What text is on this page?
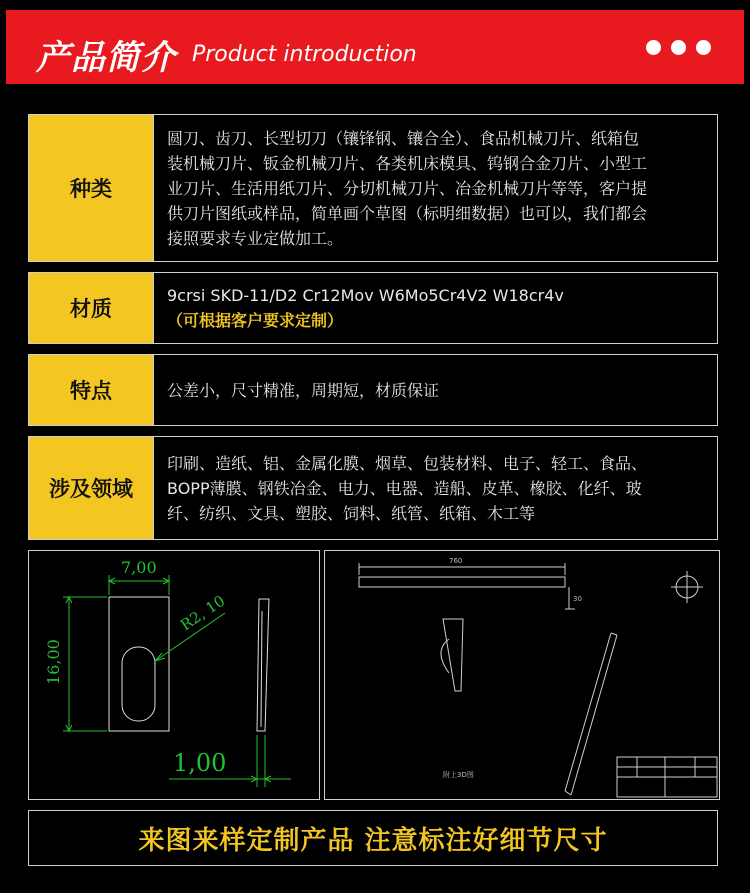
产品简介 Product introduction
种类
圆刀、齿刀、长型切刀（镶锋钢、镶合全）、食品机械刀片、纸箱包
装机械刀片、钣金机械刀片、各类机床模具、钨钢合金刀片、小型工
业刀片、生活用纸刀片、分切机械刀片、冶金机械刀片等等，客户提
供刀片图纸或样品，简单画个草图（标明细数据）也可以，我们都会
接照要求专业定做加工。
材质
9crsi SKD-11/D2 Cr12Mov W6Mo5Cr4V2 W18cr4v
（可根据客户要求定制）
特点	公差小，尺寸精准，周期短，材质保证
涉及领域
印刷、造纸、铝、金属化膜、烟草、包装材料、电子、轻工、食品、
BOPP薄膜、钢铁冶金、电力、电器、造船、皮革、橡胶、化纤、玻
纤、纺织、文具、塑胶、饲料、纸管、纸箱、木工等
7,00
16,00
R2, 10
1,00
760
30
附上3D图
来图来样定制产品 注意标注好细节尺寸
